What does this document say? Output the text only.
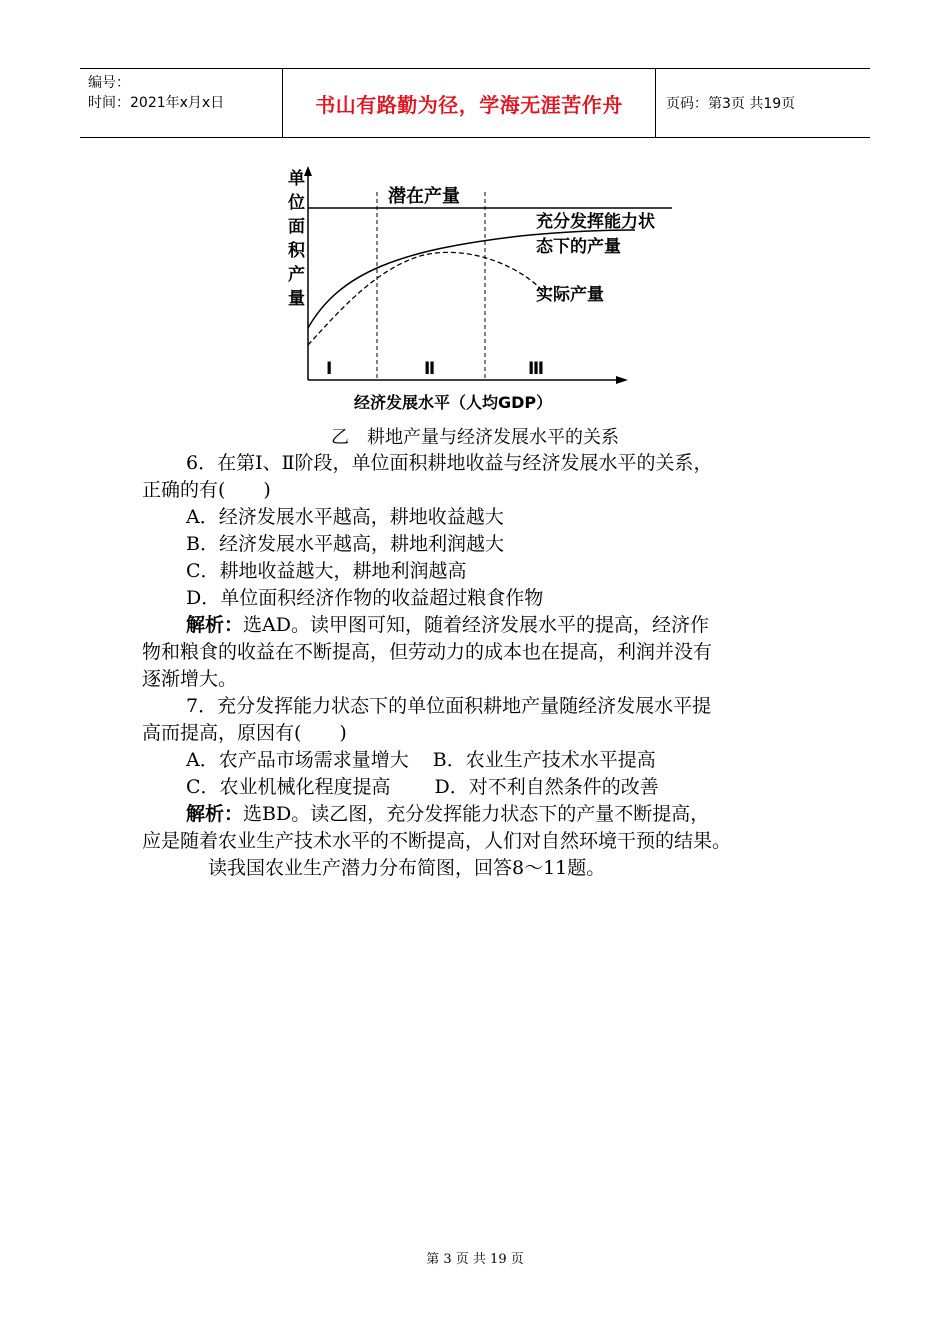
编号：
时间：2021年x月x日	书山有路勤为径，学海无涯苦作舟	页码：第3页 共19页
单
位
面
积
产
量
潜在产量
充分发挥能力状
态下的产量
实际产量
Ⅰ	Ⅱ	Ⅲ
经济发展水平（人均GDP）
乙　耕地产量与经济发展水平的关系

6．在第Ⅰ、Ⅱ阶段，单位面积耕地收益与经济发展水平的关系，

正确的有(　　)

A．经济发展水平越高，耕地收益越大

B．经济发展水平越高，耕地利润越大

C．耕地收益越大，耕地利润越高

D．单位面积经济作物的收益超过粮食作物

解析：选AD。读甲图可知，随着经济发展水平的提高，经济作

物和粮食的收益在不断提高，但劳动力的成本也在提高，利润并没有

逐渐增大。

7．充分发挥能力状态下的单位面积耕地产量随经济发展水平提

高而提高，原因有(　　)

A．农产品市场需求量增大 B．农业生产技术水平提高

C．农业机械化程度提高 D．对不利自然条件的改善

解析：选BD。读乙图，充分发挥能力状态下的产量不断提高，

应是随着农业生产技术水平的不断提高，人们对自然环境干预的结果。

读我国农业生产潜力分布简图，回答8～11题。

第 3 页 共 19 页
